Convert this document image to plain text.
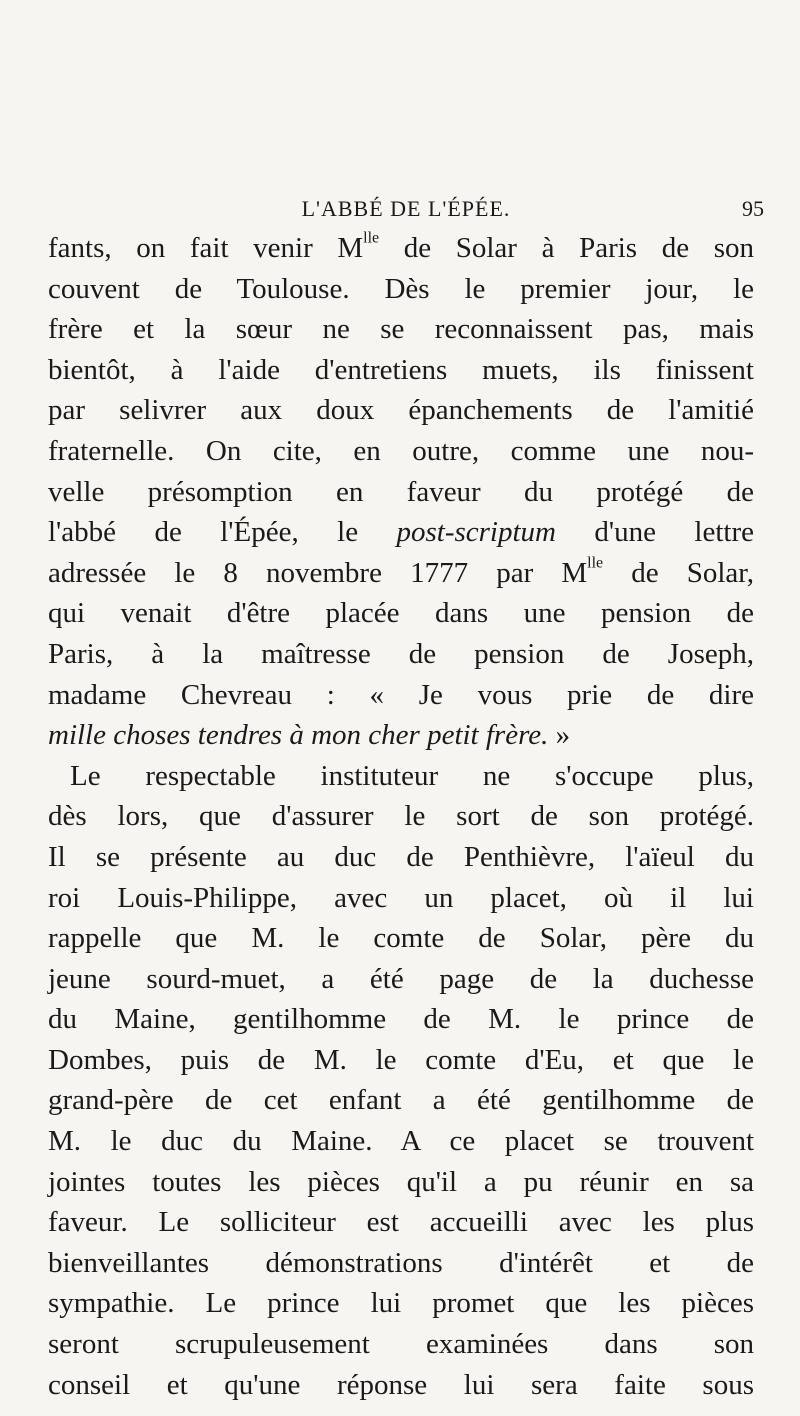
L'ABBÉ DE L'ÉPÉE.	95
fants, on fait venir $M^{lle}$ de Solar à Paris de son
couvent de Toulouse. Dès le premier jour, le
frère et la sœur ne se reconnaissent pas, mais
bientôt, à l'aide d'entretiens muets, ils finissent
par selivrer aux doux épanchements de l'amitié
fraternelle. On cite, en outre, comme une nou-
velle présomption en faveur du protégé de
l'abbé de l'Épée, le post-scriptum d'une lettre
adressée le 8 novembre 1777 par $M^{lle}$ de Solar,
qui venait d'être placée dans une pension de
Paris, à la maîtresse de pension de Joseph,
madame Chevreau : « Je vous prie de dire
mille choses tendres à mon cher petit frère. »
Le respectable instituteur ne s'occupe plus,
dès lors, que d'assurer le sort de son protégé.
Il se présente au duc de Penthièvre, l'aïeul du
roi Louis-Philippe, avec un placet, où il lui
rappelle que M. le comte de Solar, père du
jeune sourd-muet, a été page de la duchesse
du Maine, gentilhomme de M. le prince de
Dombes, puis de M. le comte d'Eu, et que le
grand-père de cet enfant a été gentilhomme de
M. le duc du Maine. A ce placet se trouvent
jointes toutes les pièces qu'il a pu réunir en sa
faveur. Le solliciteur est accueilli avec les plus
bienveillantes démonstrations d'intérêt et de
sympathie. Le prince lui promet que les pièces
seront scrupuleusement examinées dans son
conseil et qu'une réponse lui sera faite sous
